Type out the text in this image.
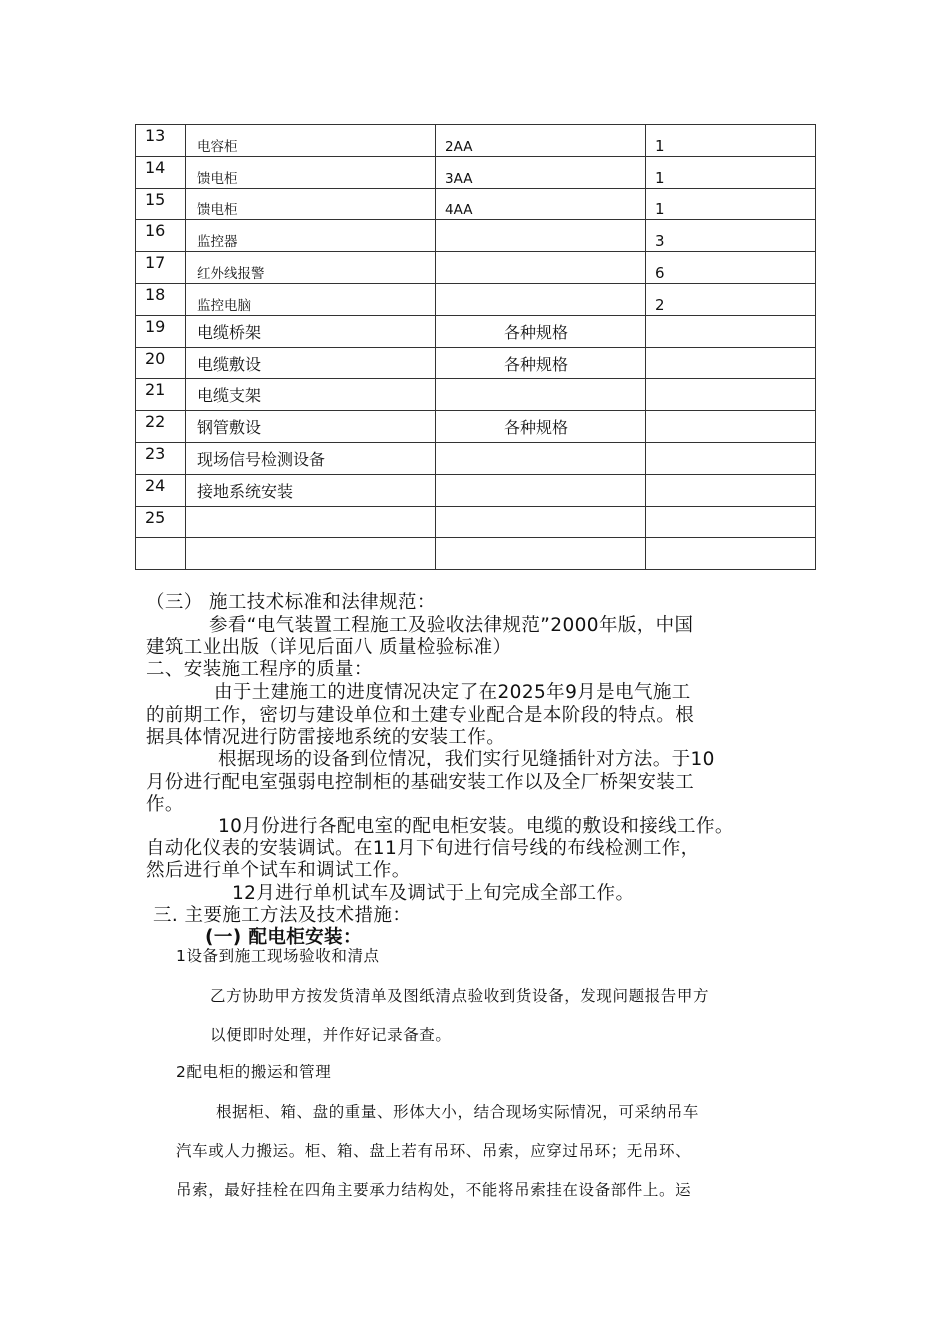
13	电容柜	2AA	1

14	馈电柜	3AA	1

15	馈电柜	4AA	1

16	监控器		3

17	红外线报警		6

18	监控电脑		2

19	电缆桥架	各种规格	

20	电缆敷设	各种规格	

21	电缆支架		

22	钢管敷设	各种规格	

23	现场信号检测设备		

24	接地系统安装		

25			

（三） 施工技术标准和法律规范：
参看“电气装置工程施工及验收法律规范”2000年版，中国
建筑工业出版（详见后面八 质量检验标准）
二、安装施工程序的质量：
由于土建施工的进度情况决定了在2025年9月是电气施工
的前期工作，密切与建设单位和土建专业配合是本阶段的特点。根
据具体情况进行防雷接地系统的安装工作。
根据现场的设备到位情况，我们实行见缝插针对方法。于10
月份进行配电室强弱电控制柜的基础安装工作以及全厂桥架安装工
作。
10月份进行各配电室的配电柜安装。电缆的敷设和接线工作。
自动化仪表的安装调试。在11月下旬进行信号线的布线检测工作，
然后进行单个试车和调试工作。
12月进行单机试车及调试于上旬完成全部工作。
三. 主要施工方法及技术措施：
(一) 配电柜安装：
1设备到施工现场验收和清点
乙方协助甲方按发货清单及图纸清点验收到货设备，发现问题报告甲方
以便即时处理，并作好记录备查。
2配电柜的搬运和管理
根据柜、箱、盘的重量、形体大小，结合现场实际情况，可采纳吊车
汽车或人力搬运。柜、箱、盘上若有吊环、吊索，应穿过吊环；无吊环、
吊索，最好挂栓在四角主要承力结构处，不能将吊索挂在设备部件上。运
